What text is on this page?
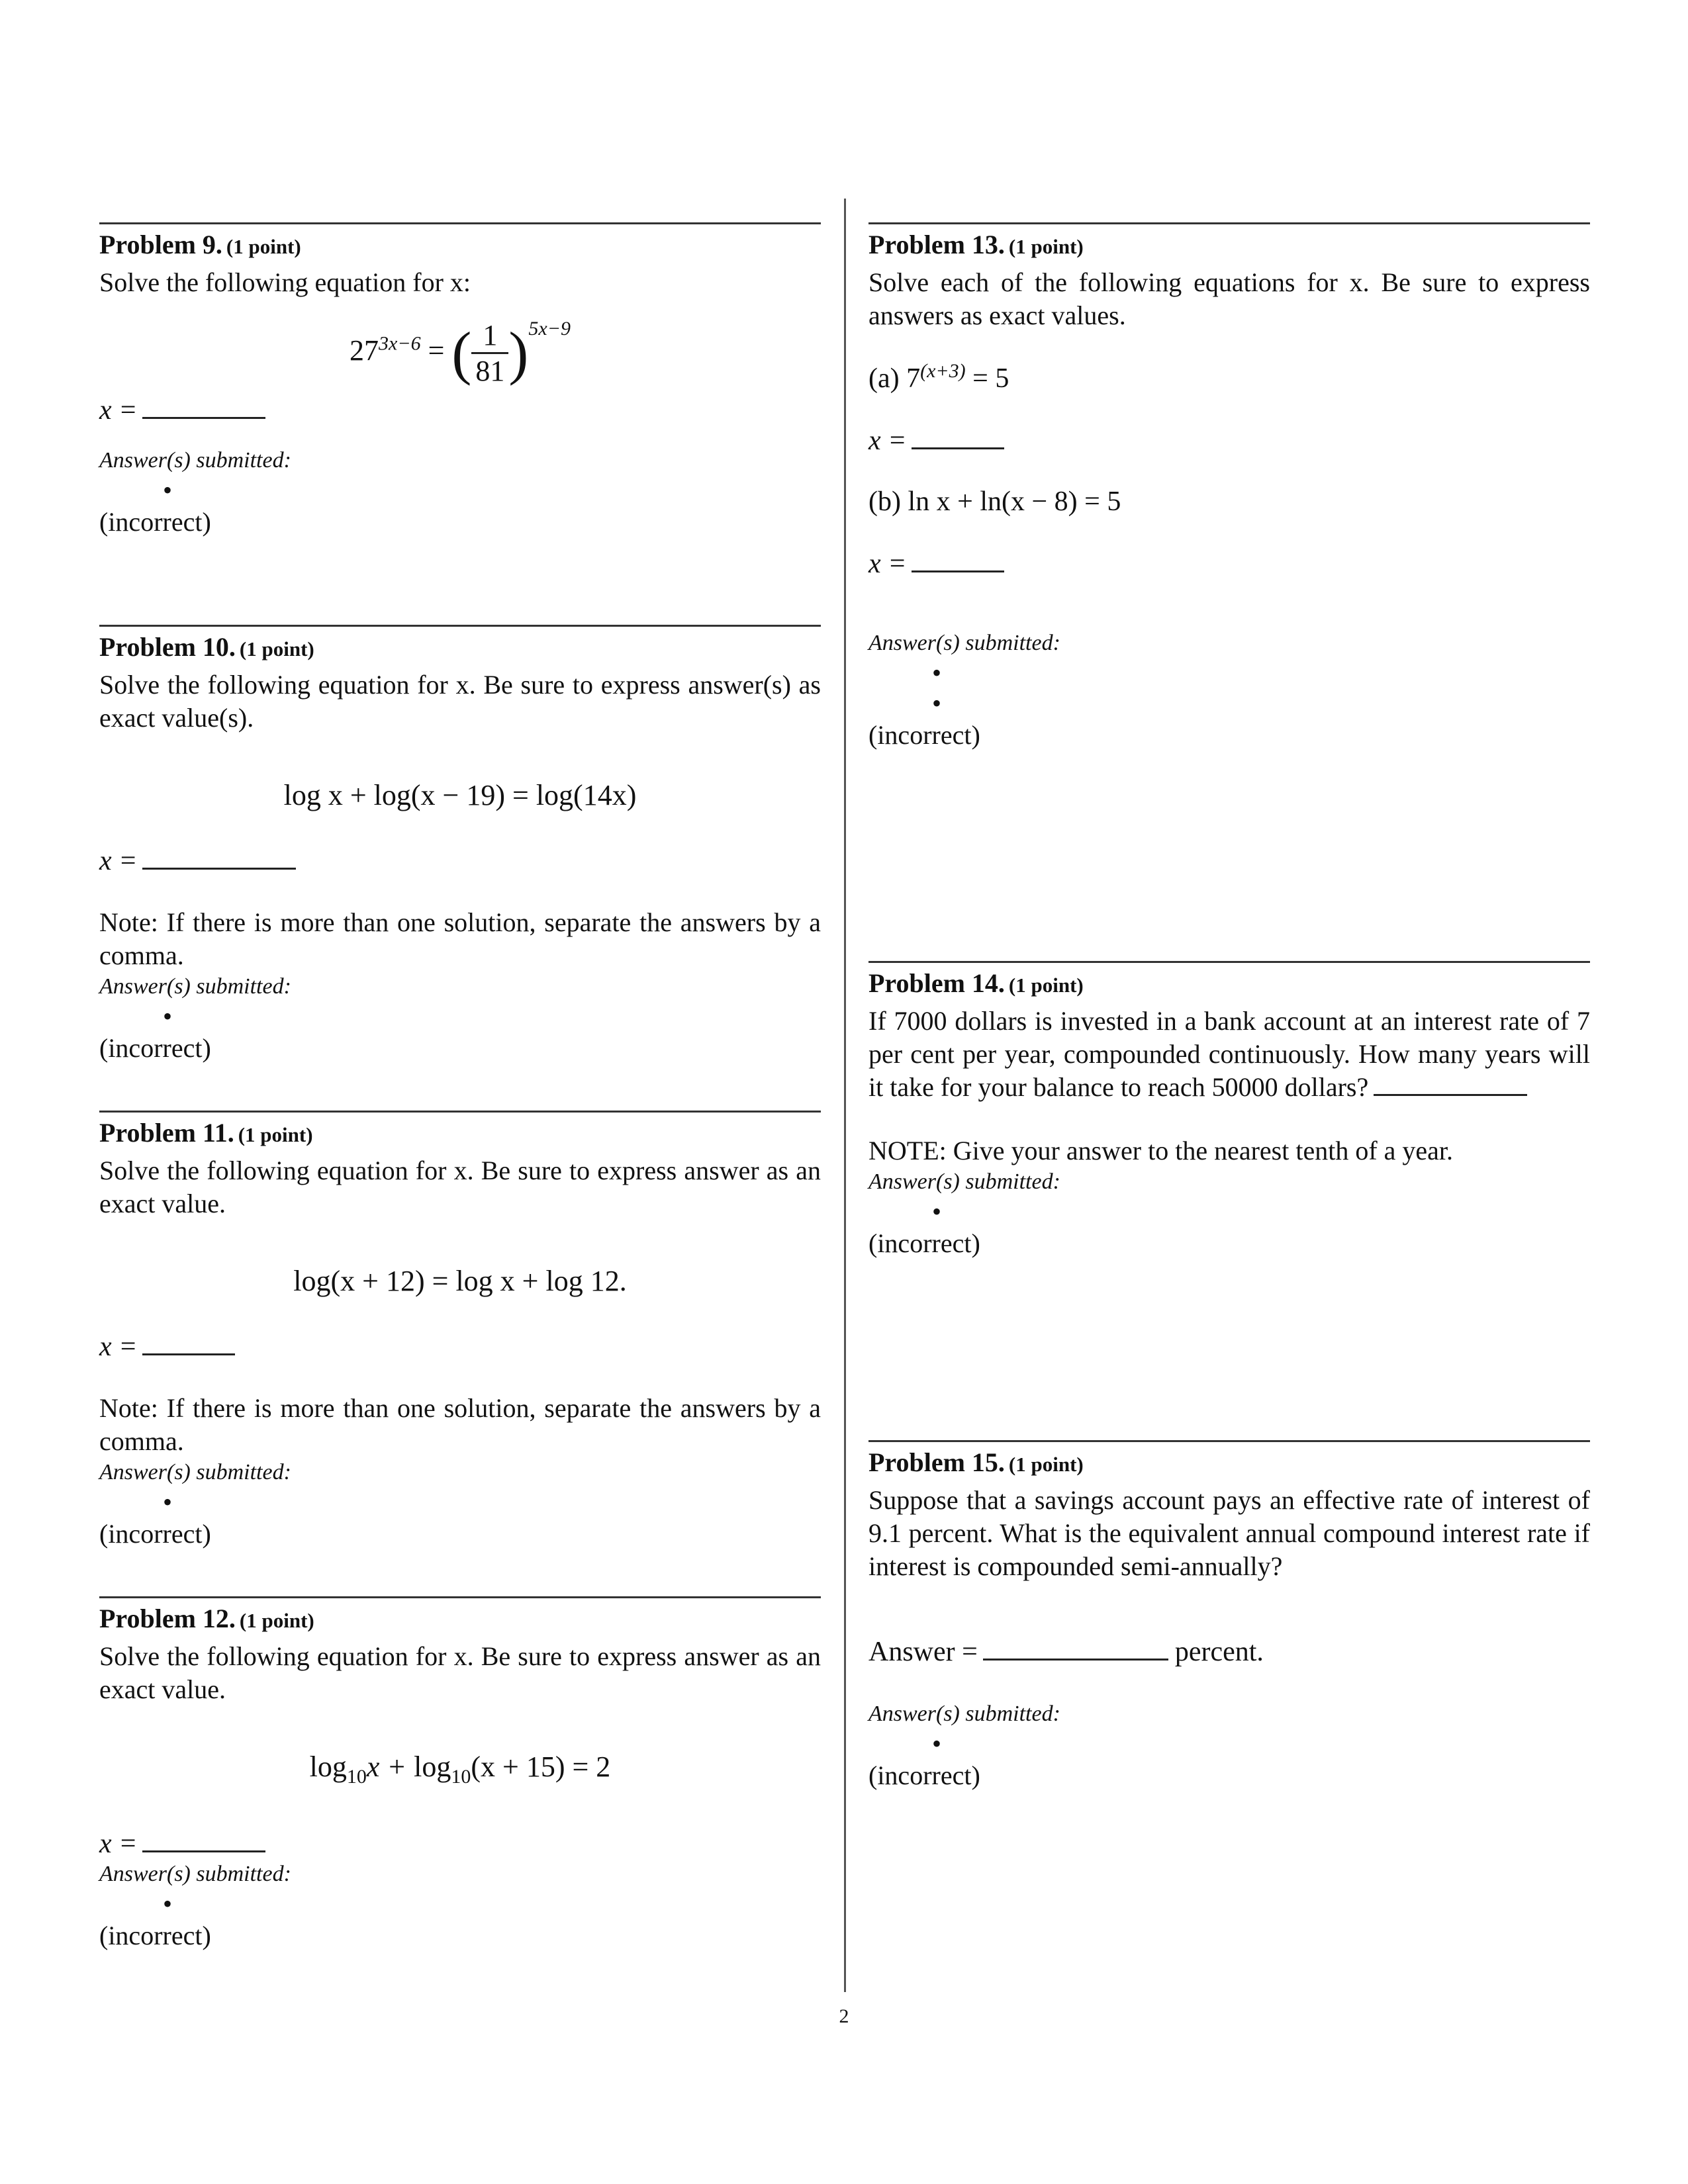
Problem 9. (1 point)

Solve the following equation for x:

$27^{3x-6}$ = ( $\frac{1}{81} )^{5x-9}$
x =

Answer(s) submitted:

•
(incorrect)
Problem 10. (1 point)

Solve the following equation for x. Be sure to express answer(s) as exact value(s).

log x + log(x − 19) = log(14x)
x =

Note: If there is more than one solution, separate the answers by a comma.

Answer(s) submitted:

•
(incorrect)
Problem 11. (1 point)

Solve the following equation for x. Be sure to express answer as an exact value.

log(x + 12) = log x + log 12.
x =

Note: If there is more than one solution, separate the answers by a comma.

Answer(s) submitted:

•
(incorrect)
Problem 12. (1 point)

Solve the following equation for x. Be sure to express answer as an exact value.

$\log_{10}x + \log_{10}(x + 15) = 2$
x =

Answer(s) submitted:

•
(incorrect)
Problem 13. (1 point)

Solve each of the following equations for x. Be sure to express answers as exact values.

(a) $7^{(x+3)} = 5$
x =
(b) ln x + ln(x − 8) = 5
x =

Answer(s) submitted:

•
•
(incorrect)
Problem 14. (1 point)

If 7000 dollars is invested in a bank account at an interest rate of 7 per cent per year, compounded continuously. How many years will it take for your balance to reach 50000 dollars?

NOTE: Give your answer to the nearest tenth of a year.

Answer(s) submitted:

•
(incorrect)
Problem 15. (1 point)

Suppose that a savings account pays an effective rate of interest of 9.1 percent. What is the equivalent annual compound interest rate if interest is compounded semi-annually?

Answer =	percent.

Answer(s) submitted:

•
(incorrect)
2
